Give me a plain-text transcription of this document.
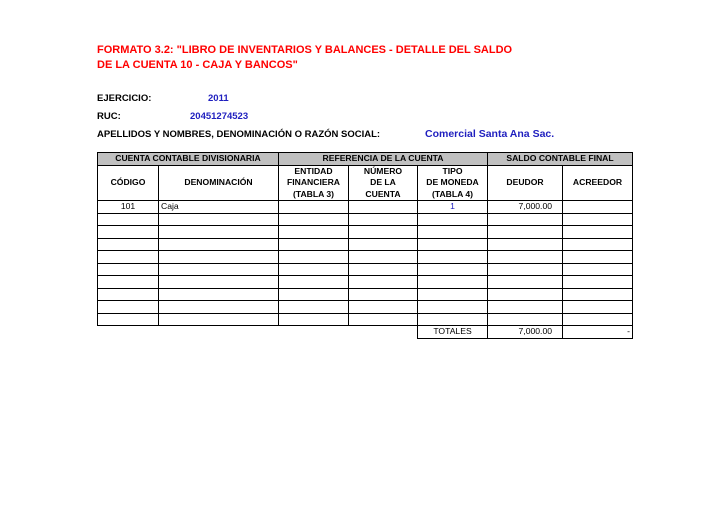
FORMATO 3.2: "LIBRO DE INVENTARIOS Y BALANCES - DETALLE DEL SALDO
DE LA CUENTA 10 - CAJA Y BANCOS"
EJERCICIO:	2011
RUC:	20451274523
APELLIDOS Y NOMBRES, DENOMINACIÓN O RAZÓN SOCIAL:	Comercial Santa Ana Sac.
CUENTA CONTABLE DIVISIONARIA		REFERENCIA DE LA CUENTA			SALDO CONTABLE FINAL	
CÓDIGO	DENOMINACIÓN	ENTIDAD	NÚMERO	TIPO	DEUDOR	ACREEDOR
		FINANCIERA	DE LA	DE MONEDA		
		(TABLA 3)	CUENTA	(TABLA 4)		
101	Caja			1	7,000.00	

				TOTALES	7,000.00	-
